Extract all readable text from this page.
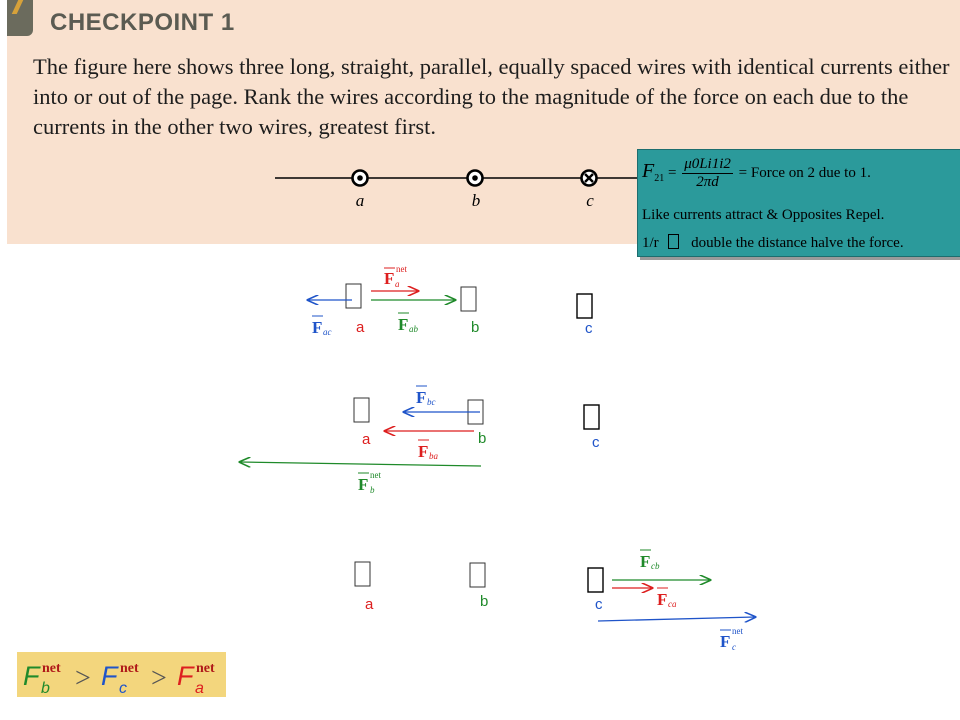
CHECKPOINT 1
The figure here shows three long, straight, parallel, equally spaced wires with identical currents either into or out of the page. Rank the wires according to the magnitude of the force on each due to the currents in the other two wires, greatest first.
a	b	c
a	b	c
F a
net
F ac	F ab
a	b	c
F bc
F ba
F b
net
a	b	c
F cb
F ca
F c
net
$F_{21} = \frac{\mu 0Li1i2}{2\pi d}$ = Force on 2 due to 1.
Like currents attract & Opposites Repel.
1/r double the distance halve the force.
F net
b > F net
c > F net
a
